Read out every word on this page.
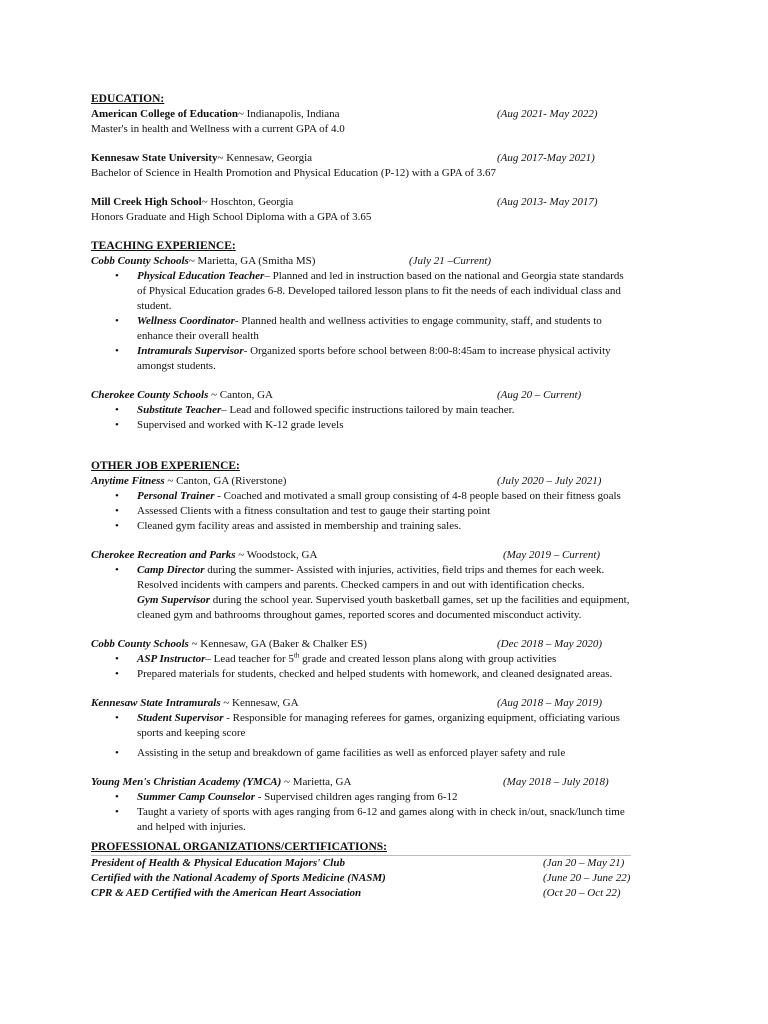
EDUCATION:
American College of Education~ Indianapolis, Indiana	(Aug 2021- May 2022)
Master's in health and Wellness with a current GPA of 4.0
Kennesaw State University~ Kennesaw, Georgia	(Aug 2017-May 2021)
Bachelor of Science in Health Promotion and Physical Education (P-12) with a GPA of 3.67
Mill Creek High School~ Hoschton, Georgia	(Aug 2013- May 2017)
Honors Graduate and High School Diploma with a GPA of 3.65
TEACHING EXPERIENCE:
Cobb County Schools~ Marietta, GA (Smitha MS)	(July 21 –Current)
• Physical Education Teacher– Planned and led in instruction based on the national and Georgia state standards
of Physical Education grades 6-8. Developed tailored lesson plans to fit the needs of each individual class and
student.
• Wellness Coordinator- Planned health and wellness activities to engage community, staff, and students to
enhance their overall health
• Intramurals Supervisor- Organized sports before school between 8:00-8:45am to increase physical activity
amongst students.
Cherokee County Schools ~ Canton, GA	(Aug 20 – Current)
• Substitute Teacher– Lead and followed specific instructions tailored by main teacher.
• Supervised and worked with K-12 grade levels
OTHER JOB EXPERIENCE:
Anytime Fitness ~ Canton, GA (Riverstone)	(July 2020 – July 2021)
• Personal Trainer - Coached and motivated a small group consisting of 4-8 people based on their fitness goals
• Assessed Clients with a fitness consultation and test to gauge their starting point
• Cleaned gym facility areas and assisted in membership and training sales.
Cherokee Recreation and Parks ~ Woodstock, GA	(May 2019 – Current)
• Camp Director during the summer- Assisted with injuries, activities, field trips and themes for each week.
Resolved incidents with campers and parents. Checked campers in and out with identification checks.
Gym Supervisor during the school year. Supervised youth basketball games, set up the facilities and equipment,
cleaned gym and bathrooms throughout games, reported scores and documented misconduct activity.
Cobb County Schools ~ Kennesaw, GA (Baker & Chalker ES)	(Dec 2018 – May 2020)
• ASP Instructor– Lead teacher for 5th grade and created lesson plans along with group activities
• Prepared materials for students, checked and helped students with homework, and cleaned designated areas.
Kennesaw State Intramurals ~ Kennesaw, GA	(Aug 2018 – May 2019)
• Student Supervisor - Responsible for managing referees for games, organizing equipment, officiating various
sports and keeping score
• Assisting in the setup and breakdown of game facilities as well as enforced player safety and rule
Young Men's Christian Academy (YMCA) ~ Marietta, GA	(May 2018 – July 2018)
• Summer Camp Counselor - Supervised children ages ranging from 6-12
• Taught a variety of sports with ages ranging from 6-12 and games along with in check in/out, snack/lunch time
and helped with injuries.
PROFESSIONAL ORGANIZATIONS/CERTIFICATIONS:
President of Health & Physical Education Majors' Club	(Jan 20 – May 21)
Certified with the National Academy of Sports Medicine (NASM)	(June 20 – June 22)
CPR & AED Certified with the American Heart Association	(Oct 20 – Oct 22)
